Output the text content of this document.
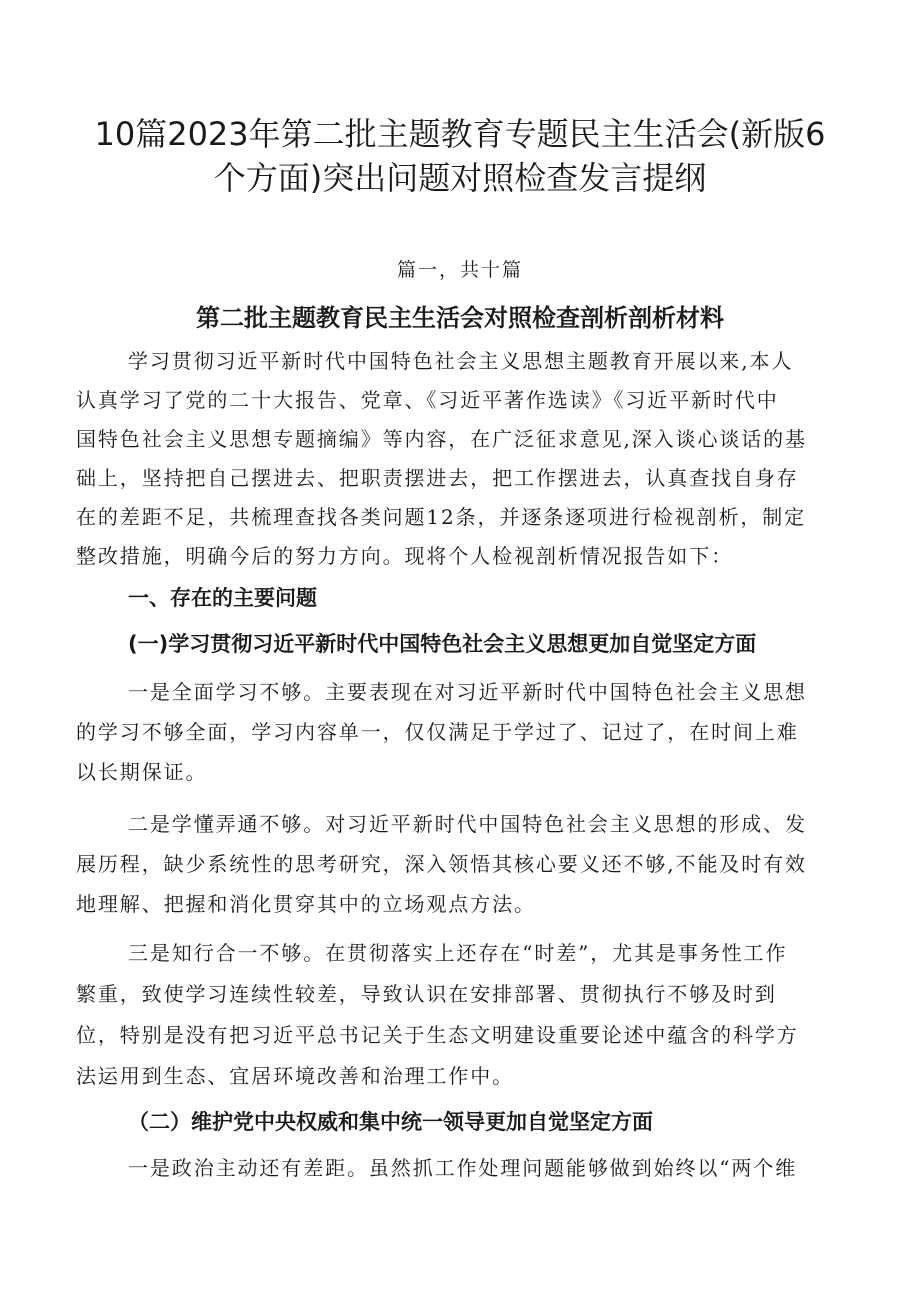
10篇2023年第二批主题教育专题民主生活会(新版6
个方面)突出问题对照检查发言提纲
篇一，共十篇
第二批主题教育民主生活会对照检查剖析剖析材料
学习贯彻习近平新时代中国特色社会主义思想主题教育开展以来,本人
认真学习了党的二十大报告、党章、《习近平著作选读》《习近平新时代中
国特色社会主义思想专题摘编》等内容，在广泛征求意见,深入谈心谈话的基
础上，坚持把自己摆进去、把职责摆进去，把工作摆进去，认真查找自身存
在的差距不足，共梳理查找各类问题12条，并逐条逐项进行检视剖析，制定
整改措施，明确今后的努力方向。现将个人检视剖析情况报告如下：
一、存在的主要问题
(一)学习贯彻习近平新时代中国特色社会主义思想更加自觉坚定方面
一是全面学习不够。主要表现在对习近平新时代中国特色社会主义思想
的学习不够全面，学习内容单一，仅仅满足于学过了、记过了，在时间上难
以长期保证。
二是学懂弄通不够。对习近平新时代中国特色社会主义思想的形成、发
展历程，缺少系统性的思考研究，深入领悟其核心要义还不够,不能及时有效
地理解、把握和消化贯穿其中的立场观点方法。
三是知行合一不够。在贯彻落实上还存在“时差”，尤其是事务性工作
繁重，致使学习连续性较差，导致认识在安排部署、贯彻执行不够及时到
位，特别是没有把习近平总书记关于生态文明建设重要论述中蕴含的科学方
法运用到生态、宜居环境改善和治理工作中。
（二）维护党中央权威和集中统一领导更加自觉坚定方面
一是政治主动还有差距。虽然抓工作处理问题能够做到始终以“两个维
